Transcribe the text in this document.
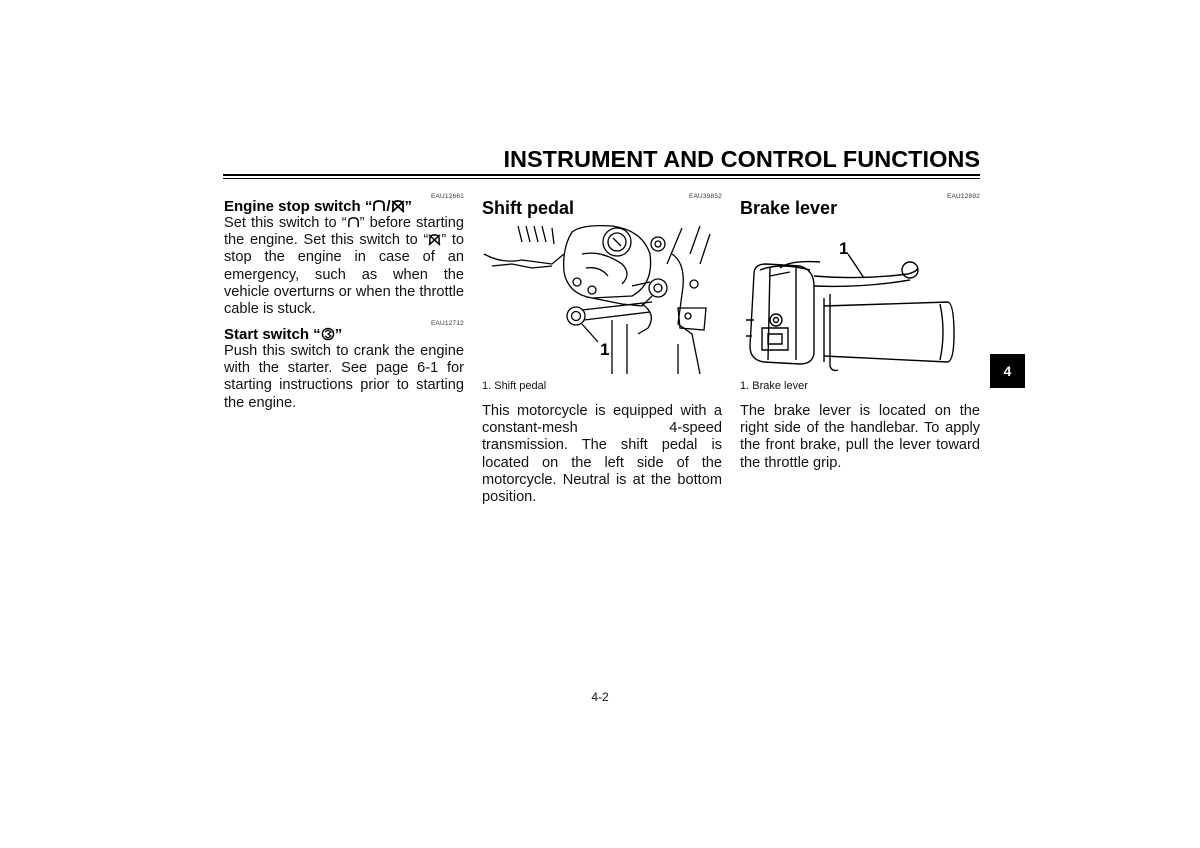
INSTRUMENT AND CONTROL FUNCTIONS
EAU12661
Engine stop switch “ / ”
Set this switch to “ ” before starting the engine. Set this switch to “ ” to stop the engine in case of an emergency, such as when the vehicle overturns or when the throttle cable is stuck.
EAU12712
Start switch “ ”
Push this switch to crank the engine with the starter. See page 6-1 for starting instructions prior to starting the engine.
EAU39852
Shift pedal
1
1. Shift pedal
This motorcycle is equipped with a constant-mesh 4-speed transmission. The shift pedal is located on the left side of the motorcycle. Neutral is at the bottom position.
EAU12892
Brake lever
1
1. Brake lever
The brake lever is located on the right side of the handlebar. To apply the front brake, pull the lever toward the throttle grip.
4
4-2
